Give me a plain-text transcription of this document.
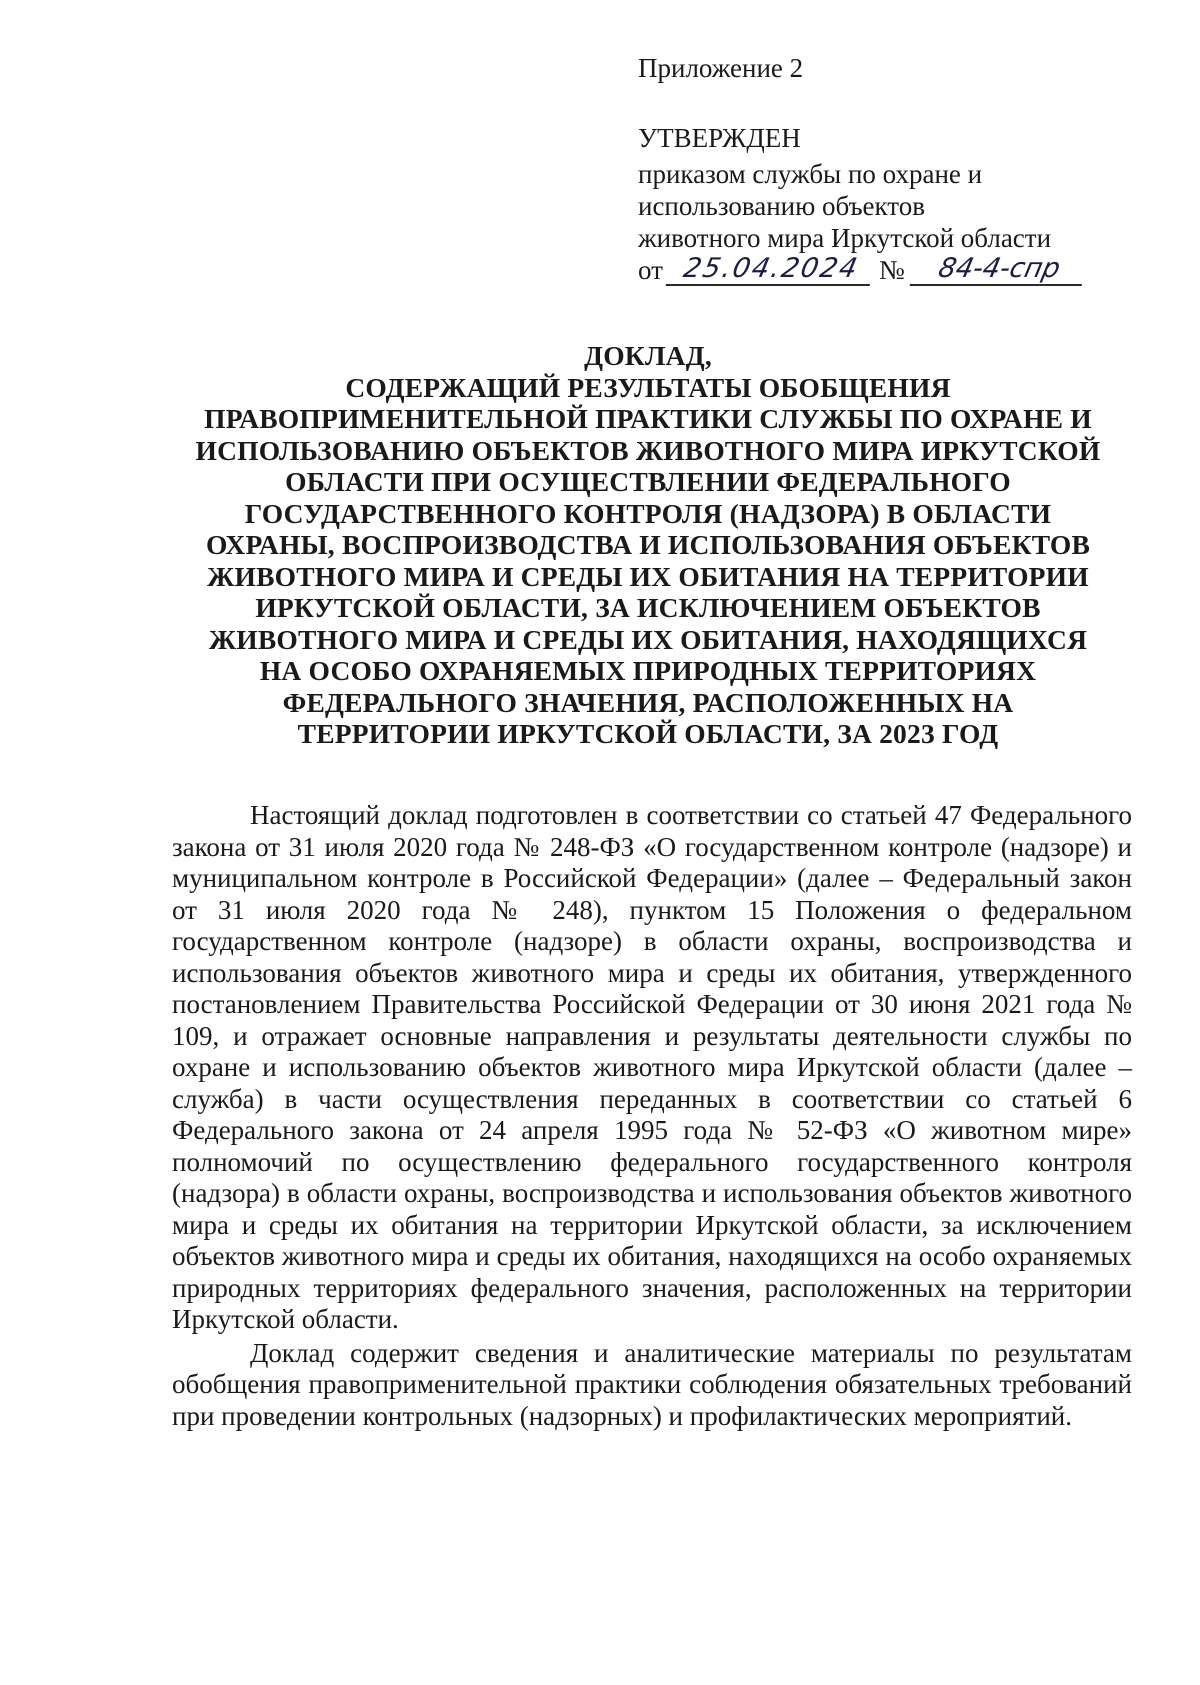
Приложение 2

УТВЕРЖДЕН

приказом службы по охране и

использованию объектов

животного мира Иркутской области

от 25.04.2024 №	84-4-спр
ДОКЛАД,
СОДЕРЖАЩИЙ РЕЗУЛЬТАТЫ ОБОБЩЕНИЯ
ПРАВОПРИМЕНИТЕЛЬНОЙ ПРАКТИКИ СЛУЖБЫ ПО ОХРАНЕ И
ИСПОЛЬЗОВАНИЮ ОБЪЕКТОВ ЖИВОТНОГО МИРА ИРКУТСКОЙ
ОБЛАСТИ ПРИ ОСУЩЕСТВЛЕНИИ ФЕДЕРАЛЬНОГО
ГОСУДАРСТВЕННОГО КОНТРОЛЯ (НАДЗОРА) В ОБЛАСТИ
ОХРАНЫ, ВОСПРОИЗВОДСТВА И ИСПОЛЬЗОВАНИЯ ОБЪЕКТОВ
ЖИВОТНОГО МИРА И СРЕДЫ ИХ ОБИТАНИЯ НА ТЕРРИТОРИИ
ИРКУТСКОЙ ОБЛАСТИ, ЗА ИСКЛЮЧЕНИЕМ ОБЪЕКТОВ
ЖИВОТНОГО МИРА И СРЕДЫ ИХ ОБИТАНИЯ, НАХОДЯЩИХСЯ
НА ОСОБО ОХРАНЯЕМЫХ ПРИРОДНЫХ ТЕРРИТОРИЯХ
ФЕДЕРАЛЬНОГО ЗНАЧЕНИЯ, РАСПОЛОЖЕННЫХ НА
ТЕРРИТОРИИ ИРКУТСКОЙ ОБЛАСТИ, ЗА 2023 ГОД

Настоящий доклад подготовлен в соответствии со статьей 47 Федерального закона от 31 июля 2020 года № 248-ФЗ «О государственном контроле (надзоре) и муниципальном контроле в Российской Федерации» (далее – Федеральный закон от 31 июля 2020 года № 248), пунктом 15 Положения о федеральном государственном контроле (надзоре) в области охраны, воспроизводства и использования объектов животного мира и среды их обитания, утвержденного постановлением Правительства Российской Федерации от 30 июня 2021 года № 109, и отражает основные направления и результаты деятельности службы по охране и использованию объектов животного мира Иркутской области (далее – служба) в части осуществления переданных в соответствии со статьей 6 Федерального закона от 24 апреля 1995 года № 52-ФЗ «О животном мире» полномочий по осуществлению федерального государственного контроля (надзора) в области охраны, воспроизводства и использования объектов животного мира и среды их обитания на территории Иркутской области, за исключением объектов животного мира и среды их обитания, находящихся на особо охраняемых природных территориях федерального значения, расположенных на территории Иркутской области.

Доклад содержит сведения и аналитические материалы по результатам обобщения правоприменительной практики соблюдения обязательных требований при проведении контрольных (надзорных) и профилактических мероприятий.
